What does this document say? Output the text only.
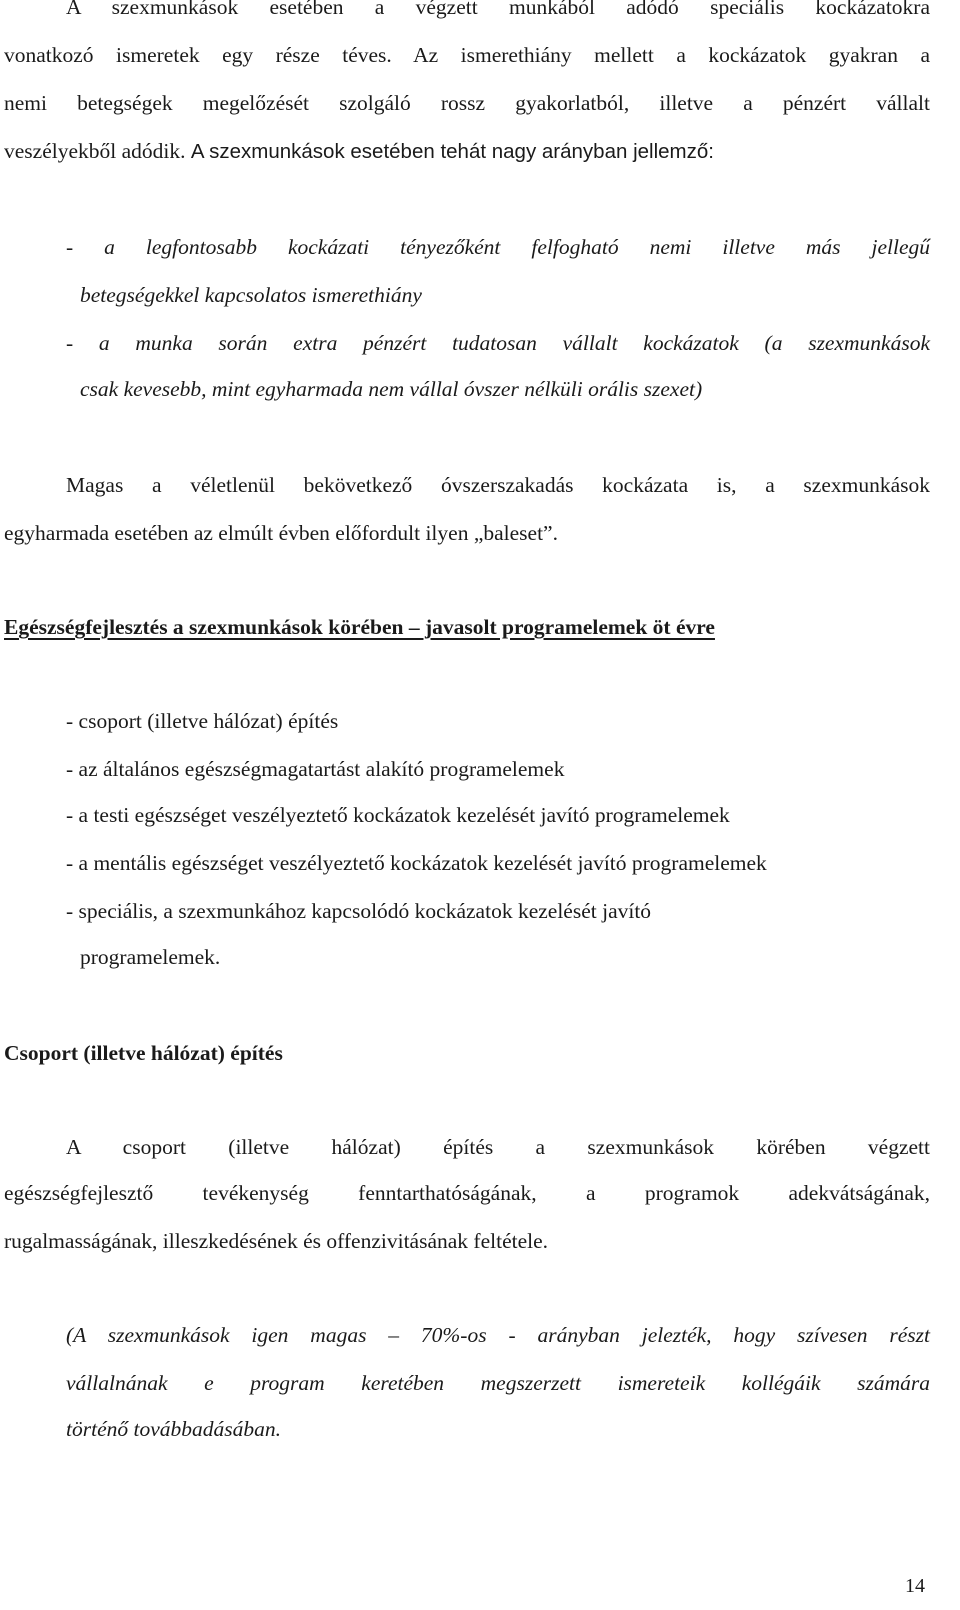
A szexmunkások esetében a végzett munkából adódó speciális kockázatokra

vonatkozó ismeretek egy része téves. Az ismerethiány mellett a kockázatok gyakran a

nemi betegségek megelőzését szolgáló rossz gyakorlatból, illetve a pénzért vállalt

veszélyekből adódik. A szexmunkások esetében tehát nagy arányban jellemző:

- a legfontosabb kockázati tényezőként felfogható nemi illetve más jellegű

betegségekkel kapcsolatos ismerethiány

- a munka során extra pénzért tudatosan vállalt kockázatok (a szexmunkások

csak kevesebb, mint egyharmada nem vállal óvszer nélküli orális szexet)

Magas a véletlenül bekövetkező óvszerszakadás kockázata is, a szexmunkások

egyharmada esetében az elmúlt évben előfordult ilyen „baleset”.

Egészségfejlesztés a szexmunkások körében – javasolt programelemek öt évre

- csoport (illetve hálózat) építés

- az általános egészségmagatartást alakító programelemek

- a testi egészséget veszélyeztető kockázatok kezelését javító programelemek

- a mentális egészséget veszélyeztető kockázatok kezelését javító programelemek

- speciális, a szexmunkához kapcsolódó kockázatok kezelését javító

programelemek.

Csoport (illetve hálózat) építés

A csoport (illetve hálózat) építés a szexmunkások körében végzett

egészségfejlesztő tevékenység fenntarthatóságának, a programok adekvátságának,

rugalmasságának, illeszkedésének és offenzivitásának feltétele.

(A szexmunkások igen magas – 70%-os - arányban jelezték, hogy szívesen részt

vállalnának e program keretében megszerzett ismereteik kollégáik számára

történő továbbadásában.

14
